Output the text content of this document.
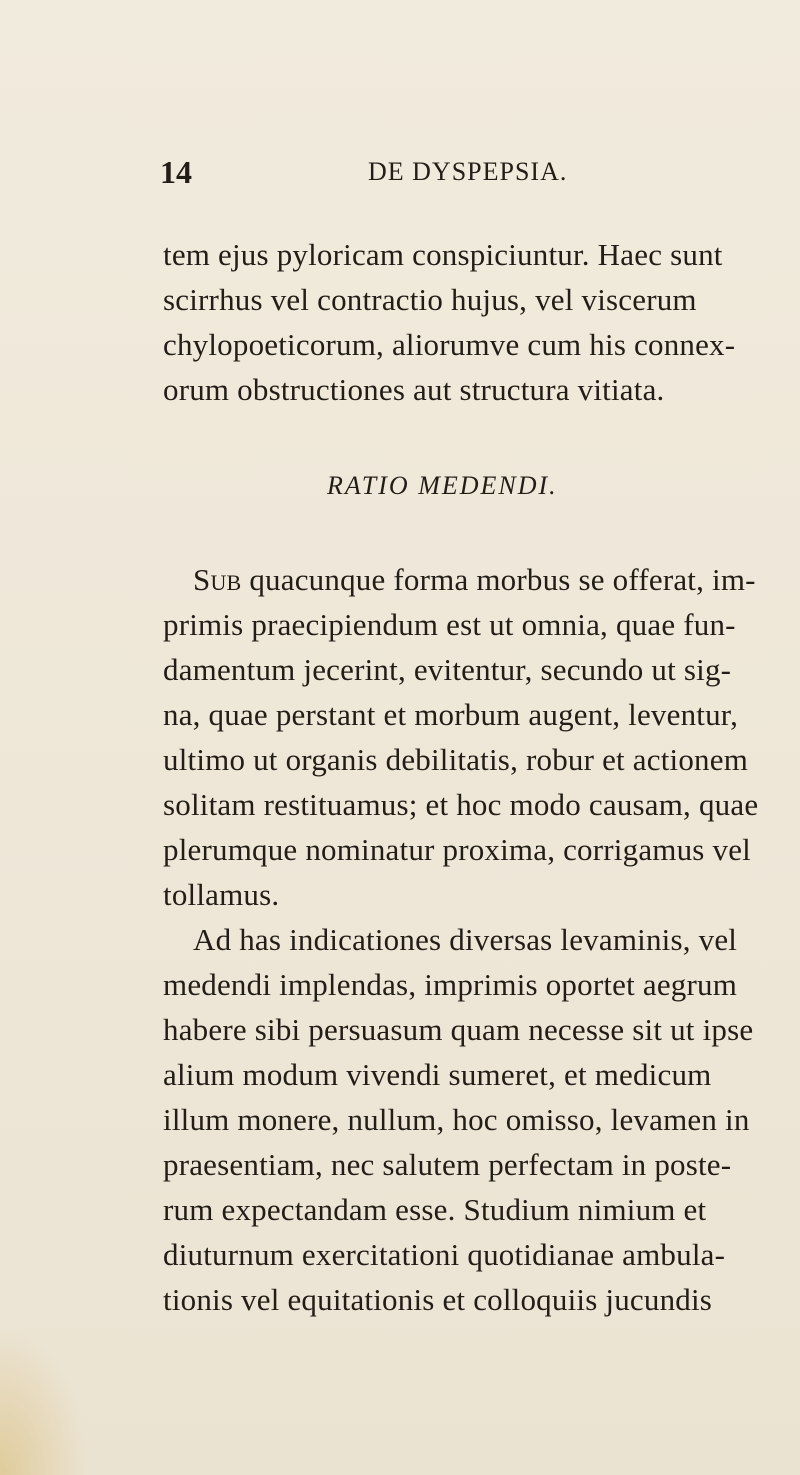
14	DE DYSPEPSIA.
tem ejus pyloricam conspiciuntur. Haec sunt
scirrhus vel contractio hujus, vel viscerum
chylopoeticorum, aliorumve cum his connex-
orum obstructiones aut structura vitiata.
RATIO MEDENDI.
Sub quacunque forma morbus se offerat, im-
primis praecipiendum est ut omnia, quae fun-
damentum jecerint, evitentur, secundo ut sig-
na, quae perstant et morbum augent, leventur,
ultimo ut organis debilitatis, robur et actionem
solitam restituamus; et hoc modo causam, quae
plerumque nominatur proxima, corrigamus vel
tollamus.
Ad has indicationes diversas levaminis, vel
medendi implendas, imprimis oportet aegrum
habere sibi persuasum quam necesse sit ut ipse
alium modum vivendi sumeret, et medicum
illum monere, nullum, hoc omisso, levamen in
praesentiam, nec salutem perfectam in poste-
rum expectandam esse. Studium nimium et
diuturnum exercitationi quotidianae ambula-
tionis vel equitationis et colloquiis jucundis
